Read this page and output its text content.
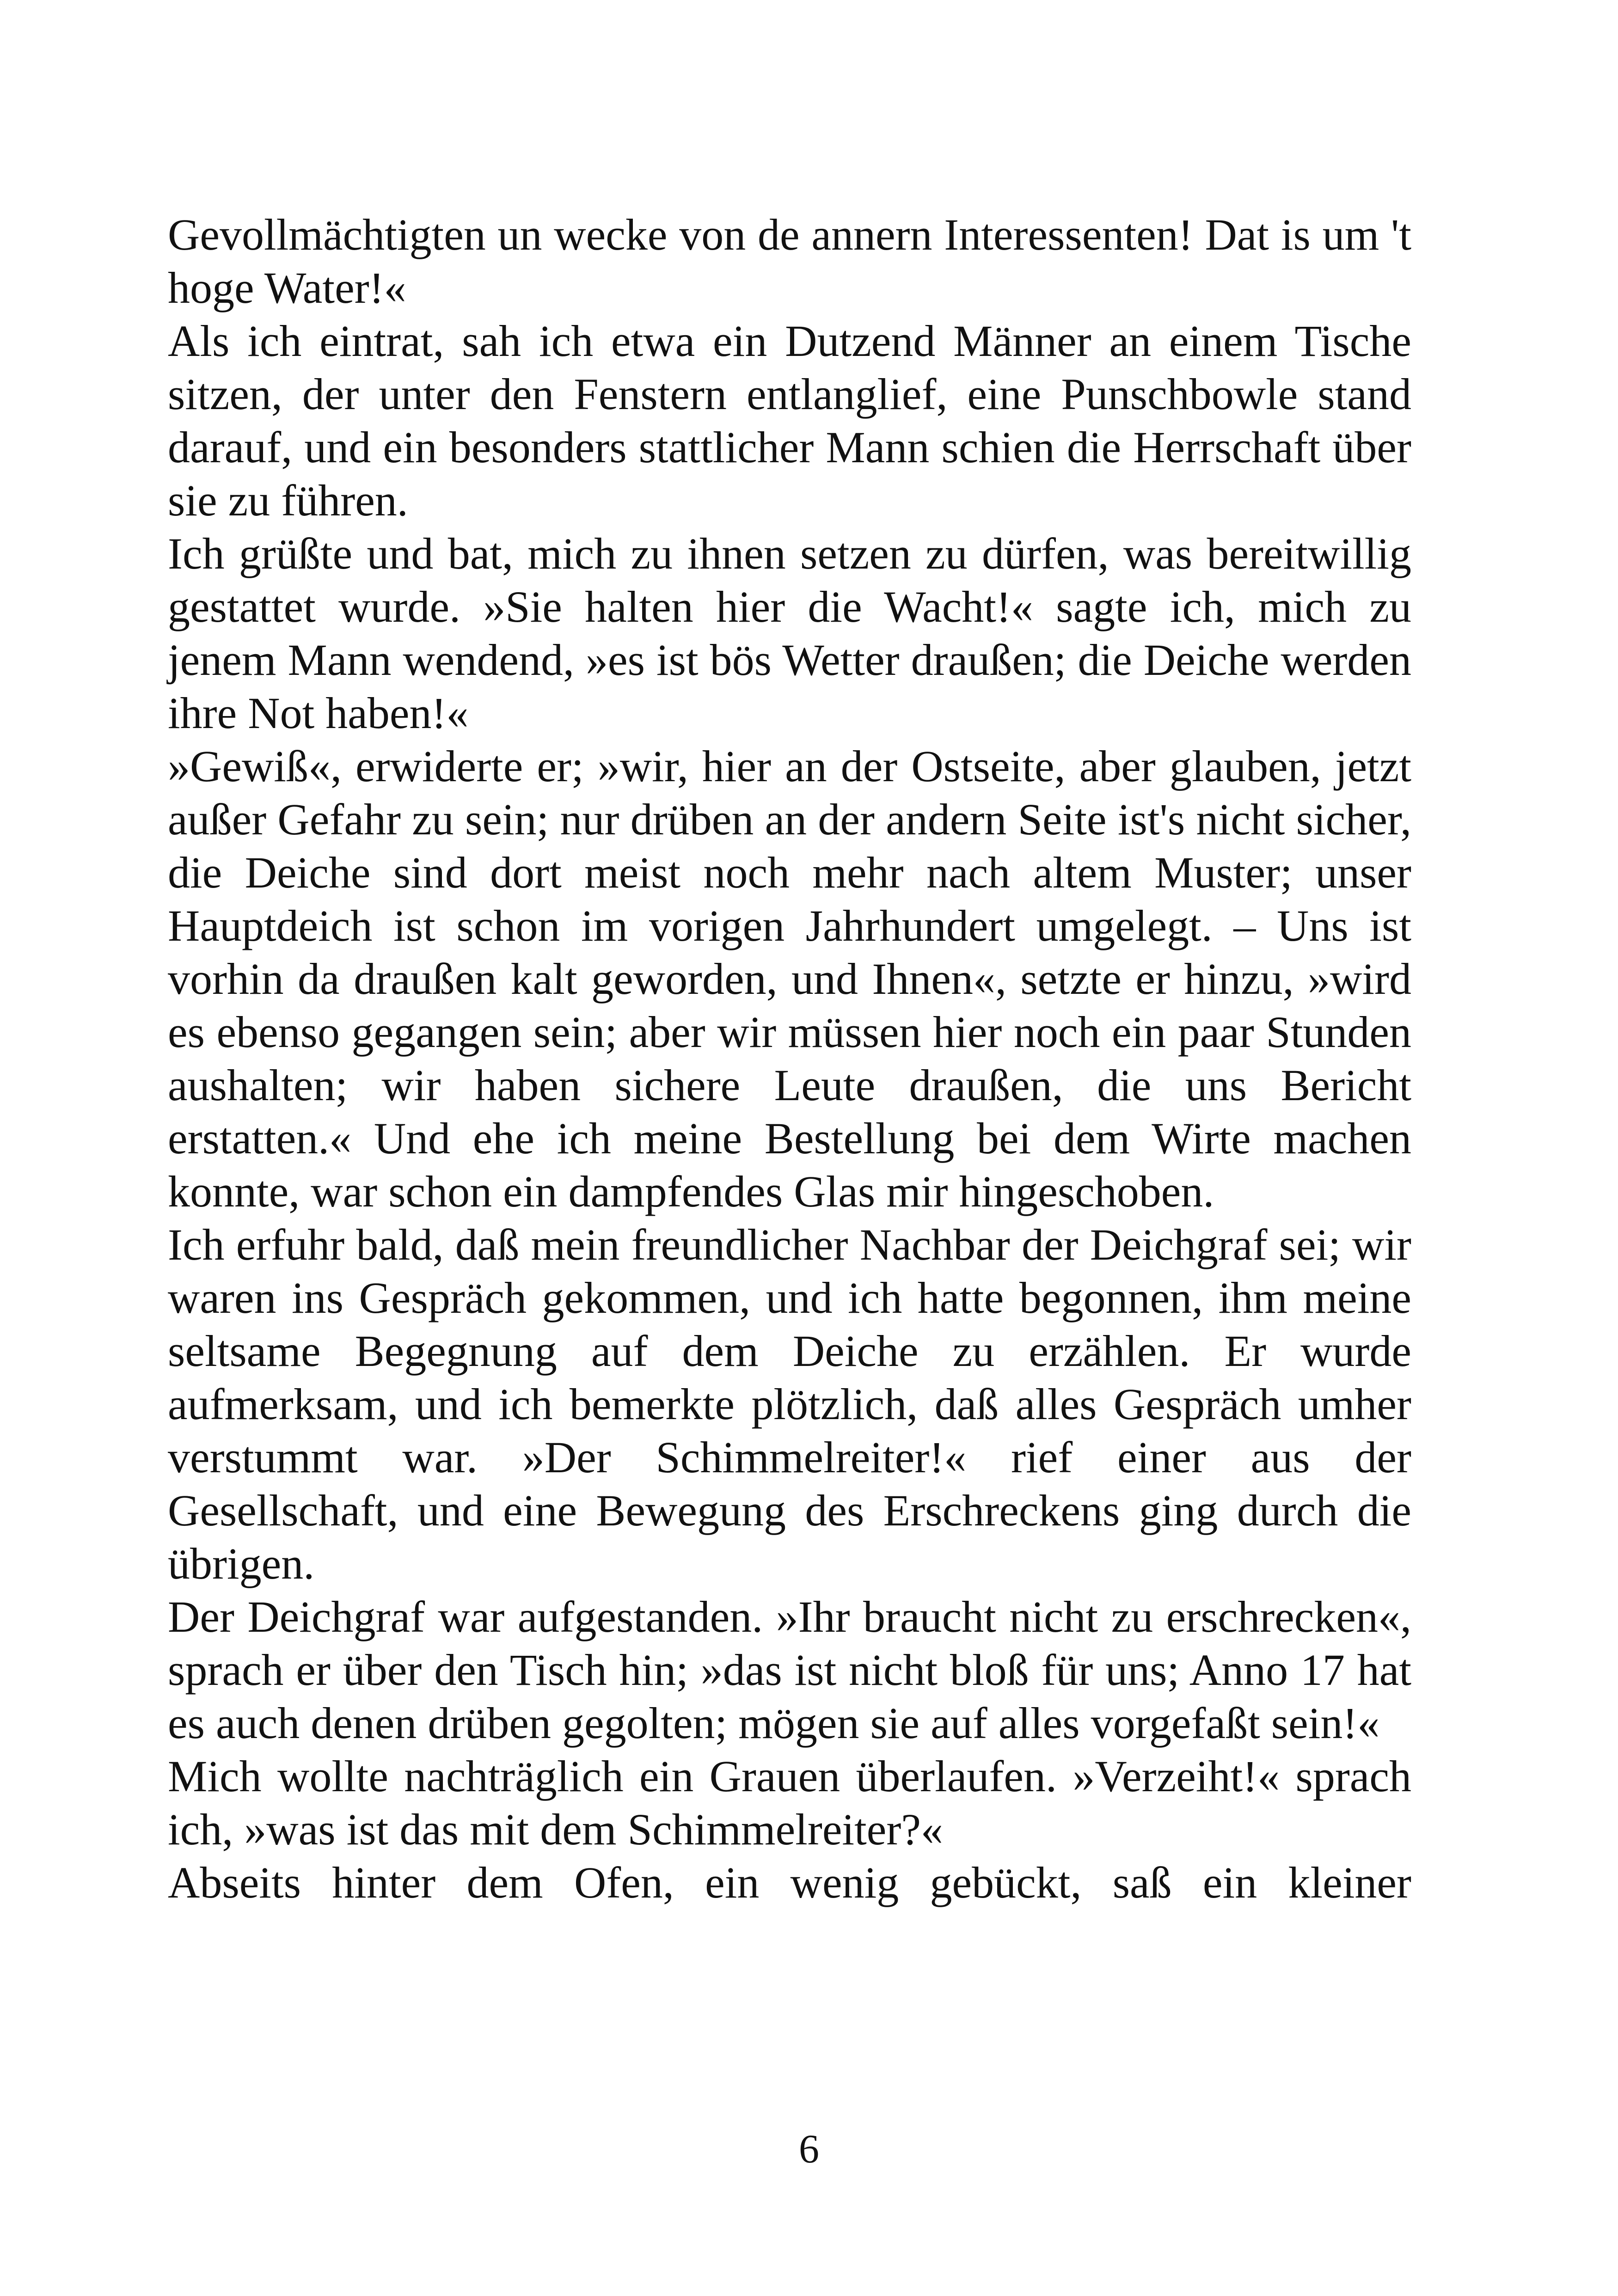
Gevollmächtigten un wecke von de annern Interessenten! Dat is um 't hoge Water!«

Als ich eintrat, sah ich etwa ein Dutzend Männer an einem Tische sitzen, der unter den Fenstern entlanglief, eine Punschbowle stand darauf, und ein besonders stattlicher Mann schien die Herrschaft über sie zu führen.

Ich grüßte und bat, mich zu ihnen setzen zu dürfen, was bereitwillig gestattet wurde. »Sie halten hier die Wacht!« sagte ich, mich zu jenem Mann wendend, »es ist bös Wetter draußen; die Deiche werden ihre Not haben!«

»Gewiß«, erwiderte er; »wir, hier an der Ostseite, aber glauben, jetzt außer Gefahr zu sein; nur drüben an der andern Seite ist's nicht sicher, die Deiche sind dort meist noch mehr nach altem Muster; unser Hauptdeich ist schon im vorigen Jahrhundert umgelegt. – Uns ist vorhin da draußen kalt geworden, und Ihnen«, setzte er hinzu, »wird es ebenso gegangen sein; aber wir müssen hier noch ein paar Stunden aushalten; wir haben sichere Leute draußen, die uns Bericht erstatten.« Und ehe ich meine Bestellung bei dem Wirte machen konnte, war schon ein dampfendes Glas mir hingeschoben.

Ich erfuhr bald, daß mein freundlicher Nachbar der Deichgraf sei; wir waren ins Gespräch gekommen, und ich hatte begonnen, ihm meine seltsame Begegnung auf dem Deiche zu erzählen. Er wurde aufmerksam, und ich bemerkte plötzlich, daß alles Gespräch umher verstummt war. »Der Schimmelreiter!« rief einer aus der Gesellschaft, und eine Bewegung des Erschreckens ging durch die übrigen.

Der Deichgraf war aufgestanden. »Ihr braucht nicht zu erschrecken«, sprach er über den Tisch hin; »das ist nicht bloß für uns; Anno 17 hat es auch denen drüben gegolten; mögen sie auf alles vorgefaßt sein!«

Mich wollte nachträglich ein Grauen überlaufen. »Verzeiht!« sprach ich, »was ist das mit dem Schimmelreiter?«

Abseits hinter dem Ofen, ein wenig gebückt, saß ein kleiner

6
